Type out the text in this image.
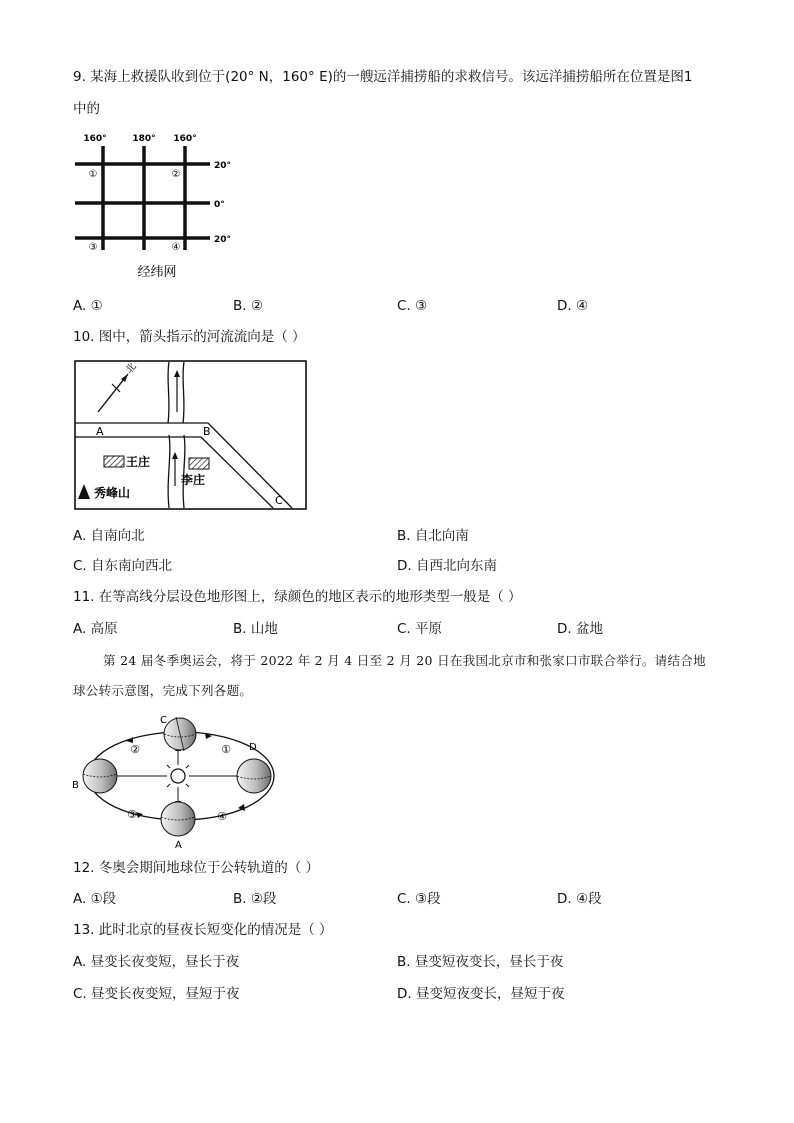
9. 某海上救援队收到位于(20° N，160° E)的一艘远洋捕捞船的求救信号。该远洋捕捞船所在位置是图1
中的
160°	180° 160°
20°
0°
20°
①	②
③	④
经纬网
A. ①	B. ②	C. ③	D. ④
10. 图中，箭头指示的河流流向是（ ）
北
A	B
C
王庄
李庄
秀峰山
A. 自南向北	B. 自北向南
C. 自东南向西北	D. 自西北向东南
11. 在等高线分层设色地形图上，绿颜色的地区表示的地形类型一般是（ ）
A. 高原	B. 山地	C. 平原	D. 盆地
第 24 届冬季奥运会，将于 2022 年 2 月 4 日至 2 月 20 日在我国北京市和张家口市联合举行。请结合地
球公转示意图，完成下列各题。
C
B
D
A
①
②
③	④
12. 冬奥会期间地球位于公转轨道的（ ）
A. ①段	B. ②段	C. ③段	D. ④段
13. 此时北京的昼夜长短变化的情况是（ ）
A. 昼变长夜变短，昼长于夜	B. 昼变短夜变长，昼长于夜
C. 昼变长夜变短，昼短于夜	D. 昼变短夜变长，昼短于夜
